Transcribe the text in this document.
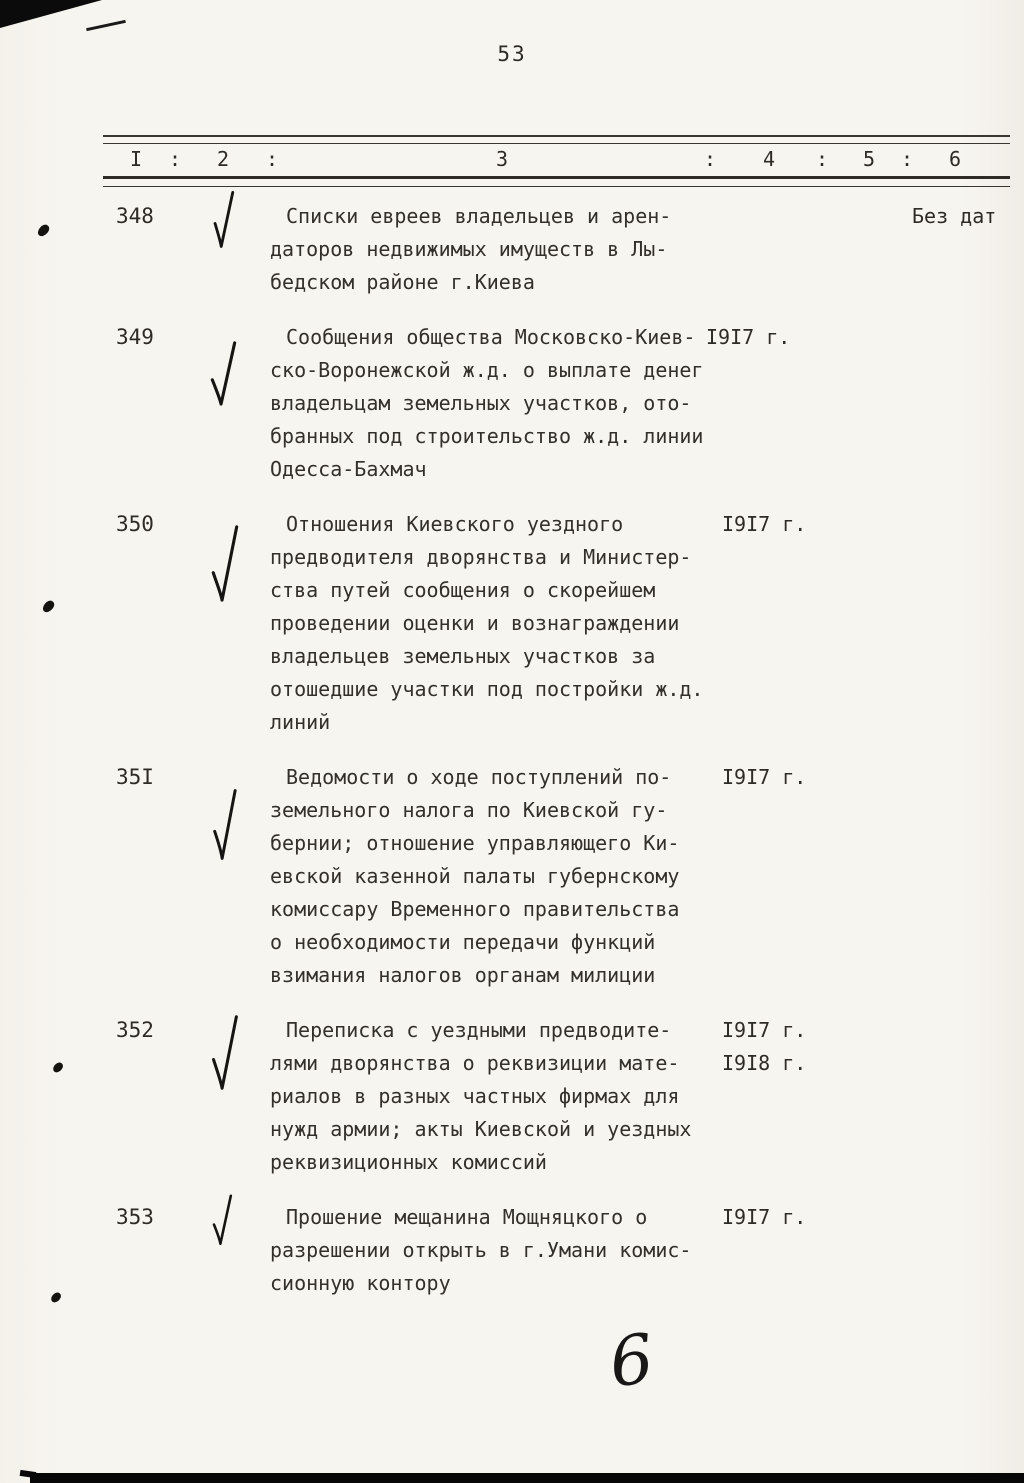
53
I : 2 :	3	: 4 : 5 : 6
348	Списки евреев владельцев и арен-
даторов недвижимых имуществ в Лы-
бедском районе г.Киева
Без дат
349	Сообщения общества Московско-Киев-
ско-Воронежской ж.д. о выплате денег
владельцам земельных участков, ото-
бранных под строительство ж.д. линии
Одесса-Бахмач
I9I7 г.
350	Отношения Киевского уездного
предводителя дворянства и Министер-
ства путей сообщения о скорейшем
проведении оценки и вознаграждении
владельцев земельных участков за
отошедшие участки под постройки ж.д.
линий
I9I7 г.
35I	Ведомости о ходе поступлений по-
земельного налога по Киевской гу-
бернии; отношение управляющего Ки-
евской казенной палаты губернскому
комиссару Временного правительства
о необходимости передачи функций
взимания налогов органам милиции
I9I7 г.
352	Переписка с уездными предводите-
лями дворянства о реквизиции мате-
риалов в разных частных фирмах для
нужд армии; акты Киевской и уездных
реквизиционных комиссий
I9I7 г.
I9I8 г.
353	Прошение мещанина Мощняцкого о
разрешении открыть в г.Умани комис-
сионную контору
I9I7 г.
6
